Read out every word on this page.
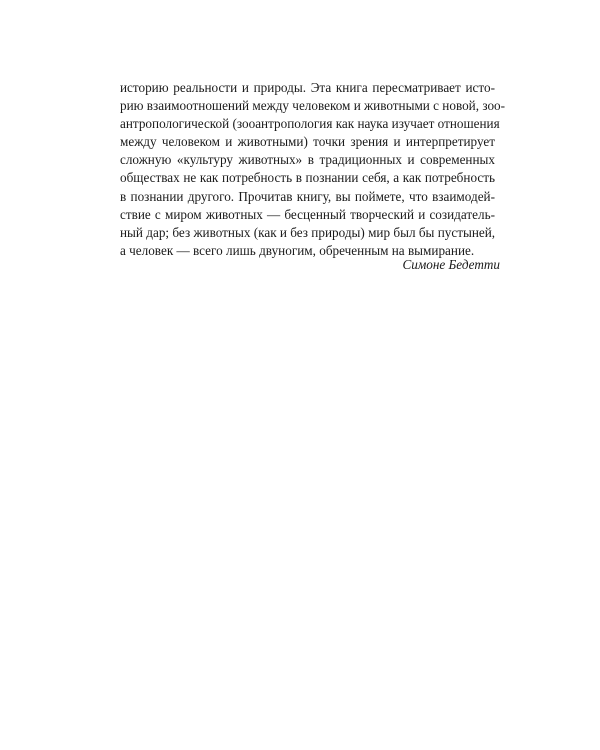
историю реальности и природы. Эта книга пересматривает исто-
рию взаимоотношений между человеком и животными с новой, зоо-
антропологической (зооантропология как наука изучает отношения
между человеком и животными) точки зрения и интерпретирует
сложную «культуру животных» в традиционных и современных
обществах не как потребность в познании себя, а как потребность
в познании другого. Прочитав книгу, вы поймете, что взаимодей-
ствие с миром животных — бесценный творческий и созидатель-
ный дар; без животных (как и без природы) мир был бы пустыней,
а человек — всего лишь двуногим, обреченным на вымирание.
Симоне Бедетти
